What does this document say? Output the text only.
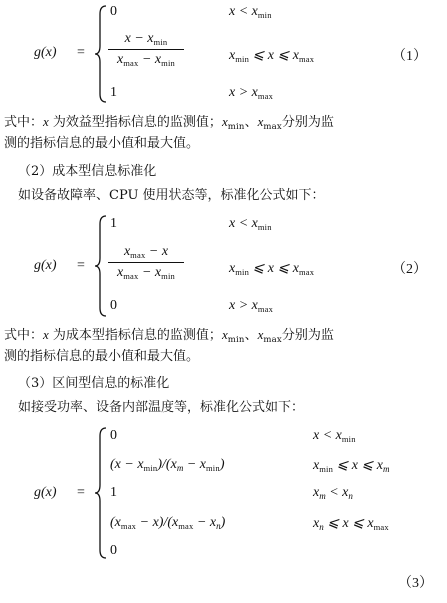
g(x) =
0	$x < x_{min}$
$x - x_{min}$
$x_{max} - x_{min}$	$x_{min}$ ⩽ x ⩽ $x_{max}$	（1）
1	$x > x_{max}$
式中：x 为效益型指标信息的监测值；$x_{min}$、$x_{max}$分别为监
测的指标信息的最小值和最大值。
（2）成本型信息标准化
如设备故障率、CPU 使用状态等，标准化公式如下：
g(x) =
1	$x < x_{min}$
$x_{max} - x$
$x_{max} - x_{min}$	$x_{min}$ ⩽ x ⩽ $x_{max}$	（2）
0	$x > x_{max}$
式中：x 为成本型指标信息的监测值；$x_{min}$、$x_{max}$分别为监
测的指标信息的最小值和最大值。
（3）区间型信息的标准化
如接受功率、设备内部温度等，标准化公式如下：
g(x) =
0	$x < x_{min}$
$(x - x_{min})/(x_m - x_{min})$	$x_{min}$ ⩽ x ⩽ $x_m$
1	$x_m < x_n$
$(x_{max} - x)/(x_{max} - x_n)$	$x_n$ ⩽ x ⩽ $x_{max}$
0
（3）
